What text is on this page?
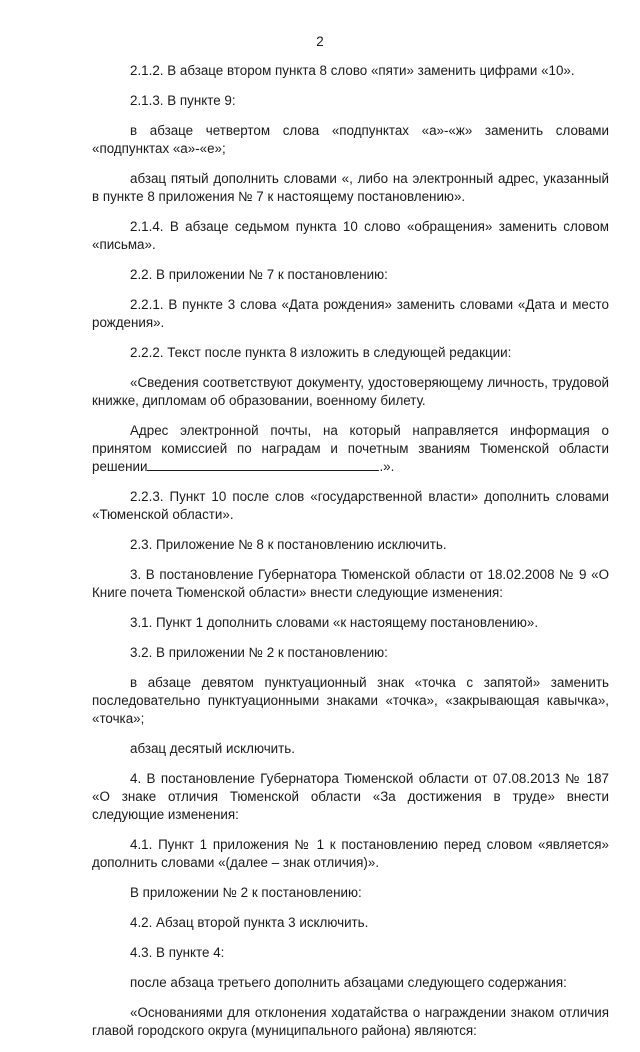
2

2.1.2. В абзаце втором пункта 8 слово «пяти» заменить цифрами «10».

2.1.3. В пункте 9:

в абзаце четвертом слова «подпунктах «а»-«ж» заменить словами «подпунктах «а»-«е»;

абзац пятый дополнить словами «, либо на электронный адрес, указанный в пункте 8 приложения № 7 к настоящему постановлению».

2.1.4. В абзаце седьмом пункта 10 слово «обращения» заменить словом «письма».

2.2. В приложении № 7 к постановлению:

2.2.1. В пункте 3 слова «Дата рождения» заменить словами «Дата и место рождения».

2.2.2. Текст после пункта 8 изложить в следующей редакции:

«Сведения соответствуют документу, удостоверяющему личность, трудовой книжке, дипломам об образовании, военному билету.

Адрес электронной почты, на который направляется информация о принятом комиссией по наградам и почетным званиям Тюменской области решении	.».

2.2.3. Пункт 10 после слов «государственной власти» дополнить словами «Тюменской области».

2.3. Приложение № 8 к постановлению исключить.

3. В постановление Губернатора Тюменской области от 18.02.2008 № 9 «О Книге почета Тюменской области» внести следующие изменения:

3.1. Пункт 1 дополнить словами «к настоящему постановлению».

3.2. В приложении № 2 к постановлению:

в абзаце девятом пунктуационный знак «точка с запятой» заменить последовательно пунктуационными знаками «точка», «закрывающая кавычка», «точка»;

абзац десятый исключить.

4. В постановление Губернатора Тюменской области от 07.08.2013 № 187 «О знаке отличия Тюменской области «За достижения в труде» внести следующие изменения:

4.1. Пункт 1 приложения № 1 к постановлению перед словом «является» дополнить словами «(далее – знак отличия)».

В приложении № 2 к постановлению:

4.2. Абзац второй пункта 3 исключить.

4.3. В пункте 4:

после абзаца третьего дополнить абзацами следующего содержания:

«Основаниями для отклонения ходатайства о награждении знаком отличия главой городского округа (муниципального района) являются:
